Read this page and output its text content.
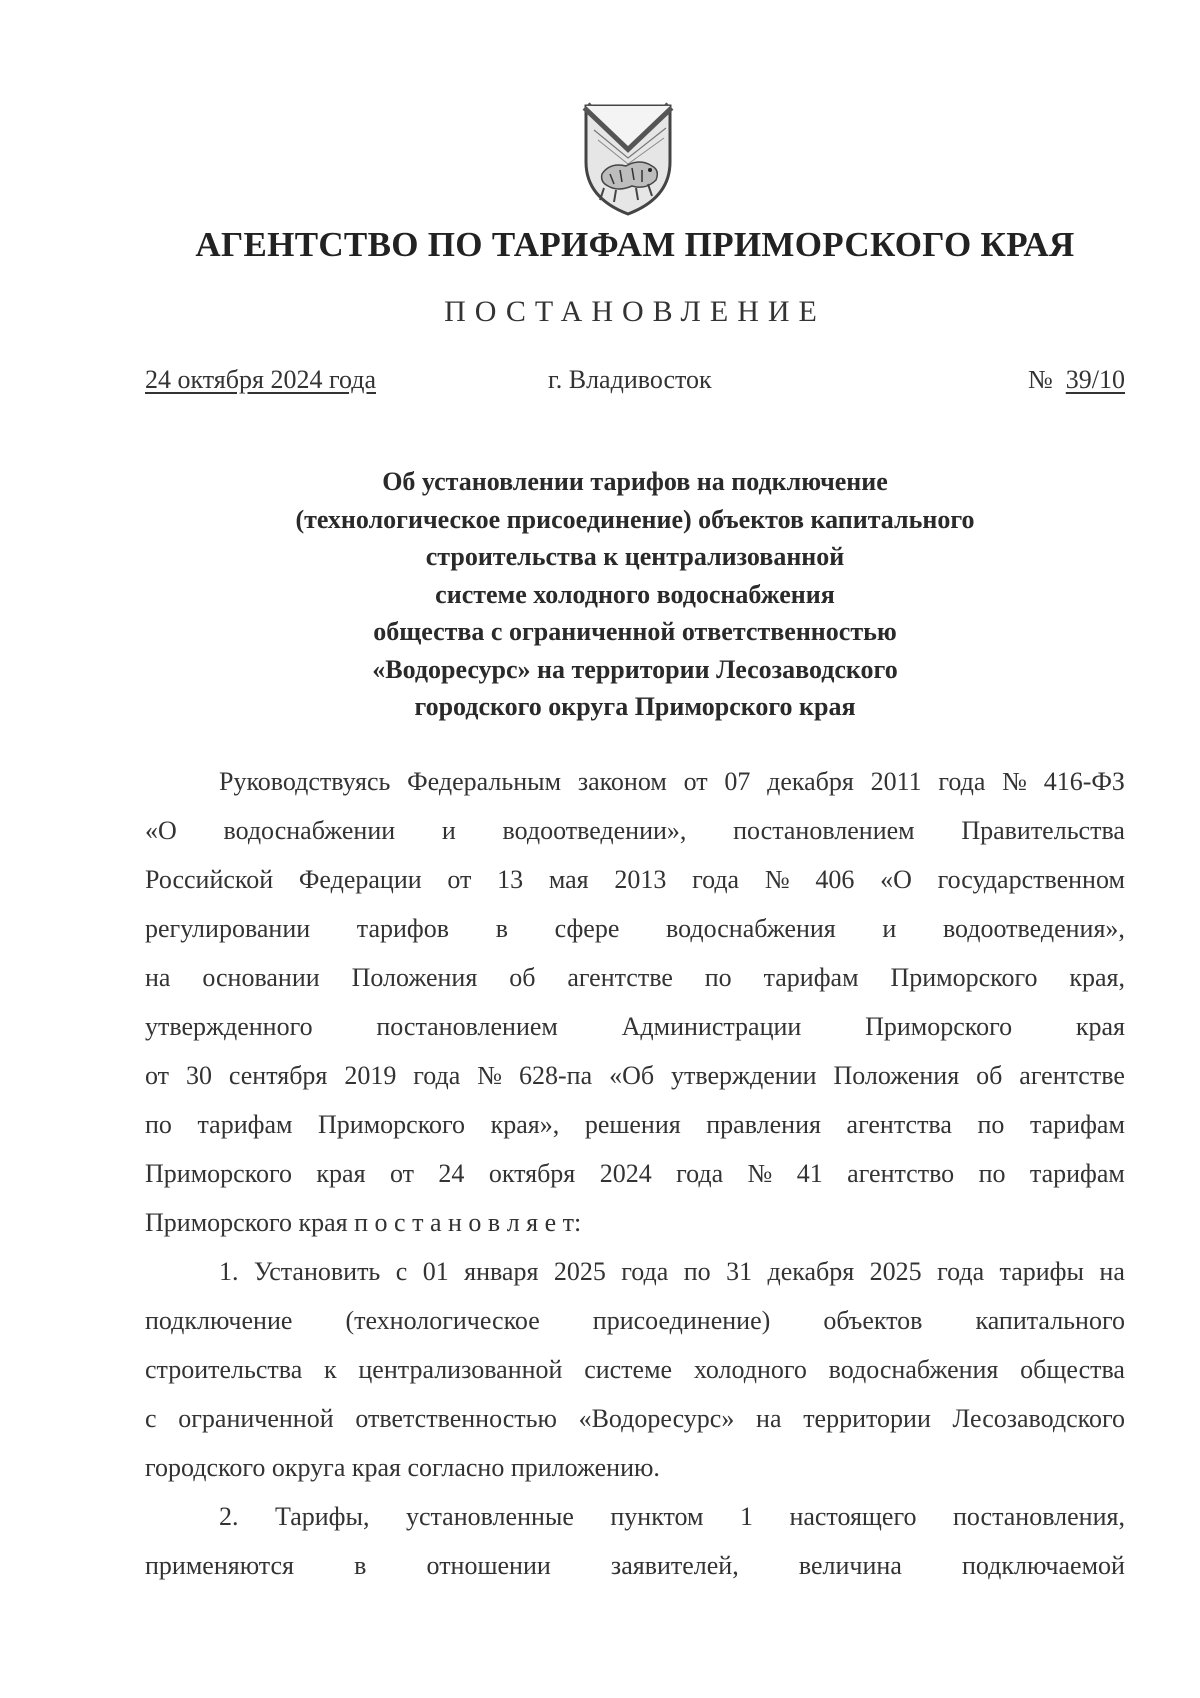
АГЕНТСТВО ПО ТАРИФАМ ПРИМОРСКОГО КРАЯ
ПОСТАНОВЛЕНИЕ
24 октября 2024 года	г. Владивосток	№ 39/10
Об установлении тарифов на подключение
(технологическое присоединение) объектов капитального
строительства к централизованной
системе холодного водоснабжения
общества с ограниченной ответственностью
«Водоресурс» на территории Лесозаводского
городского округа Приморского края
Руководствуясь Федеральным законом от 07 декабря 2011 года № 416-ФЗ
«О водоснабжении и водоотведении», постановлением Правительства
Российской Федерации от 13 мая 2013 года № 406 «О государственном
регулировании тарифов в сфере водоснабжения и водоотведения»,
на основании Положения об агентстве по тарифам Приморского края,
утвержденного постановлением Администрации Приморского края
от 30 сентября 2019 года № 628-па «Об утверждении Положения об агентстве
по тарифам Приморского края», решения правления агентства по тарифам
Приморского края от 24 октября 2024 года № 41 агентство по тарифам
Приморского края п о с т а н о в л я е т:
1. Установить с 01 января 2025 года по 31 декабря 2025 года тарифы на
подключение (технологическое присоединение) объектов капитального
строительства к централизованной системе холодного водоснабжения общества
с ограниченной ответственностью «Водоресурс» на территории Лесозаводского
городского округа края согласно приложению.
2. Тарифы, установленные пунктом 1 настоящего постановления,
применяются в отношении заявителей, величина подключаемой
